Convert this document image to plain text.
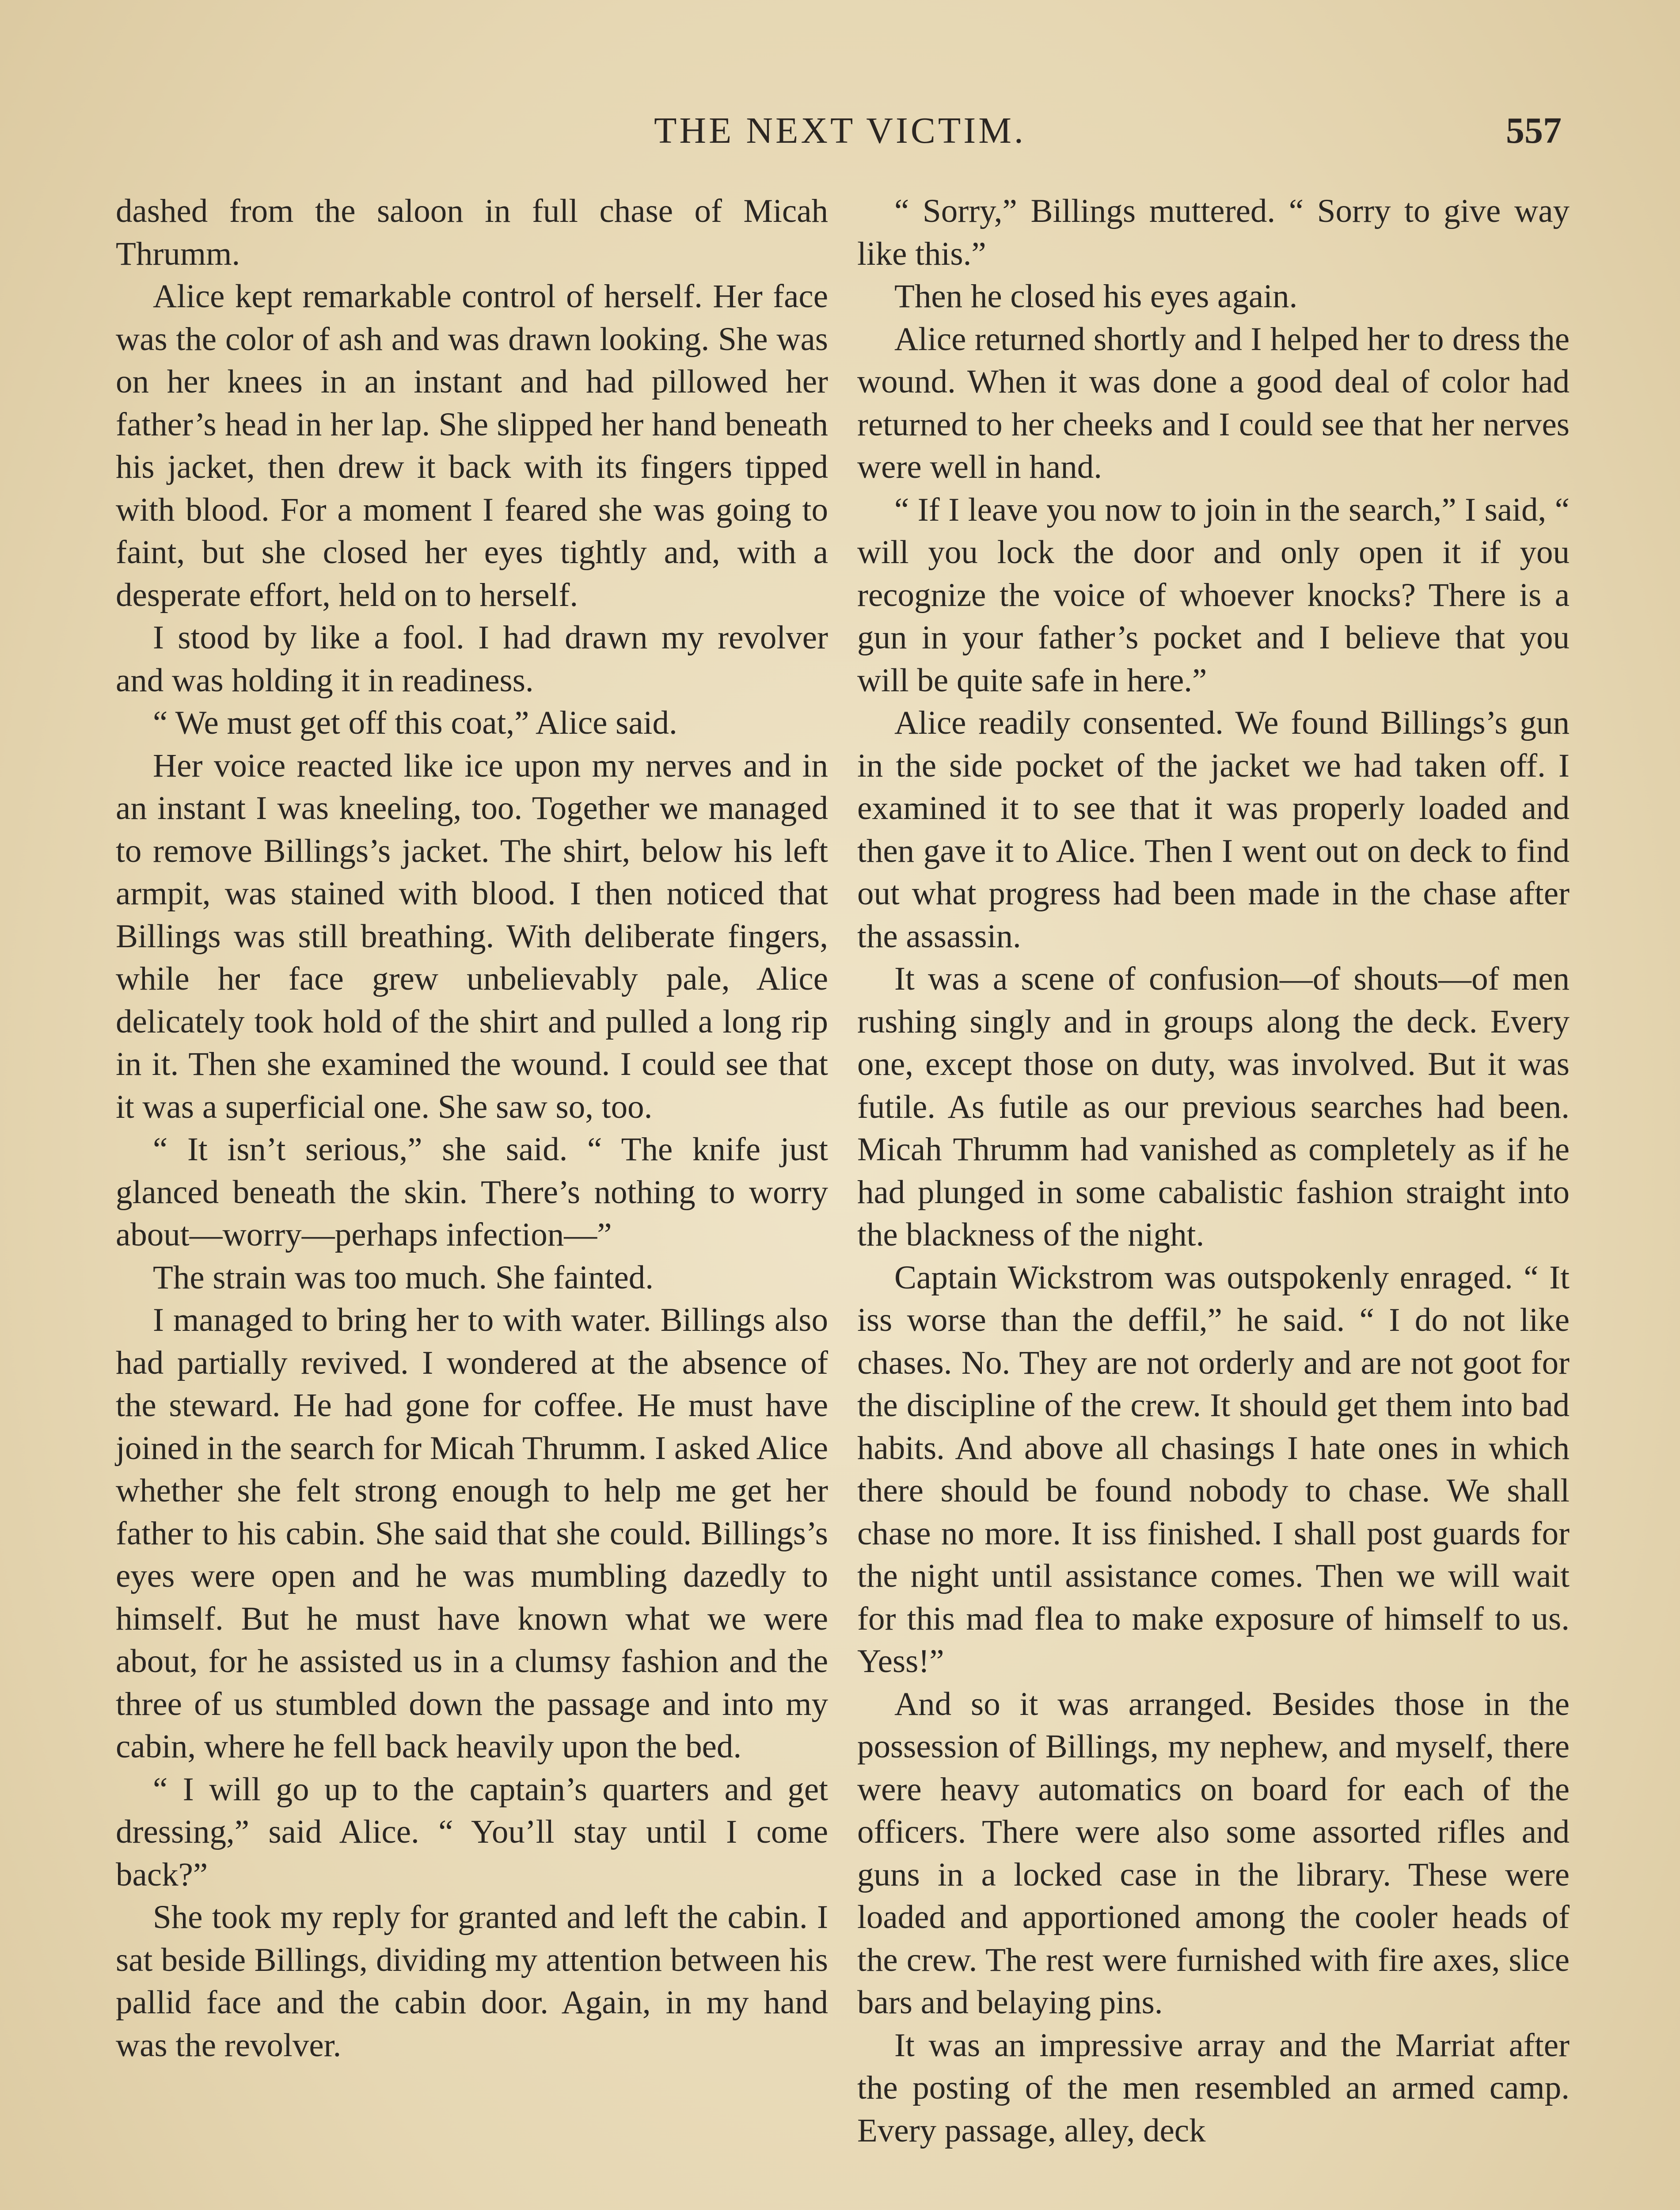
THE NEXT VICTIM.	557

dashed from the saloon in full chase of Micah Thrumm.

Alice kept remarkable control of herself. Her face was the color of ash and was drawn looking. She was on her knees in an instant and had pillowed her father’s head in her lap. She slipped her hand beneath his jacket, then drew it back with its fingers tipped with blood. For a moment I feared she was going to faint, but she closed her eyes tightly and, with a desperate effort, held on to herself.

I stood by like a fool. I had drawn my revolver and was holding it in readiness.

“ We must get off this coat,” Alice said.

Her voice reacted like ice upon my nerves and in an instant I was kneeling, too. Together we managed to remove Billings’s jacket. The shirt, below his left armpit, was stained with blood. I then noticed that Billings was still breathing. With deliberate fingers, while her face grew unbelievably pale, Alice delicately took hold of the shirt and pulled a long rip in it. Then she examined the wound. I could see that it was a superficial one. She saw so, too.

“ It isn’t serious,” she said. “ The knife just glanced beneath the skin. There’s nothing to worry about—worry—perhaps infection—”

The strain was too much. She fainted.

I managed to bring her to with water. Billings also had partially revived. I wondered at the absence of the steward. He had gone for coffee. He must have joined in the search for Micah Thrumm. I asked Alice whether she felt strong enough to help me get her father to his cabin. She said that she could. Billings’s eyes were open and he was mumbling dazedly to himself. But he must have known what we were about, for he assisted us in a clumsy fashion and the three of us stumbled down the passage and into my cabin, where he fell back heavily upon the bed.

“ I will go up to the captain’s quarters and get dressing,” said Alice. “ You’ll stay until I come back?”

She took my reply for granted and left the cabin. I sat beside Billings, dividing my attention between his pallid face and the cabin door. Again, in my hand was the revolver.

“ Sorry,” Billings muttered. “ Sorry to give way like this.”

Then he closed his eyes again.

Alice returned shortly and I helped her to dress the wound. When it was done a good deal of color had returned to her cheeks and I could see that her nerves were well in hand.

“ If I leave you now to join in the search,” I said, “ will you lock the door and only open it if you recognize the voice of whoever knocks? There is a gun in your father’s pocket and I believe that you will be quite safe in here.”

Alice readily consented. We found Billings’s gun in the side pocket of the jacket we had taken off. I examined it to see that it was properly loaded and then gave it to Alice. Then I went out on deck to find out what progress had been made in the chase after the assassin.

It was a scene of confusion—of shouts—of men rushing singly and in groups along the deck. Every one, except those on duty, was involved. But it was futile. As futile as our previous searches had been. Micah Thrumm had vanished as completely as if he had plunged in some cabalistic fashion straight into the blackness of the night.

Captain Wickstrom was outspokenly enraged. “ It iss worse than the deffil,” he said. “ I do not like chases. No. They are not orderly and are not goot for the discipline of the crew. It should get them into bad habits. And above all chasings I hate ones in which there should be found nobody to chase. We shall chase no more. It iss finished. I shall post guards for the night until assistance comes. Then we will wait for this mad flea to make exposure of himself to us. Yess!”

And so it was arranged. Besides those in the possession of Billings, my nephew, and myself, there were heavy automatics on board for each of the officers. There were also some assorted rifles and guns in a locked case in the library. These were loaded and apportioned among the cooler heads of the crew. The rest were furnished with fire axes, slice bars and belaying pins.

It was an impressive array and the Marriat after the posting of the men resembled an armed camp. Every passage, alley, deck
